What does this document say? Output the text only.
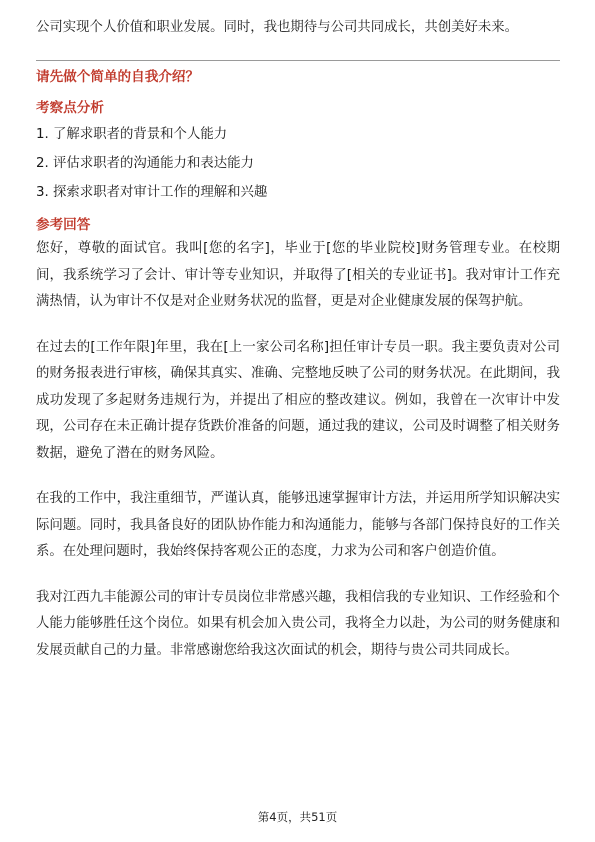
公司实现个人价值和职业发展。同时，我也期待与公司共同成长，共创美好未来。

请先做个简单的自我介绍？

考察点分析

1. 了解求职者的背景和个人能力
2. 评估求职者的沟通能力和表达能力
3. 探索求职者对审计工作的理解和兴趣

参考回答

您好，尊敬的面试官。我叫[您的名字]，毕业于[您的毕业院校]财务管理专业。在校期间，我系统学习了会计、审计等专业知识，并取得了[相关的专业证书]。我对审计工作充满热情，认为审计不仅是对企业财务状况的监督，更是对企业健康发展的保驾护航。

在过去的[工作年限]年里，我在[上一家公司名称]担任审计专员一职。我主要负责对公司的财务报表进行审核，确保其真实、准确、完整地反映了公司的财务状况。在此期间，我成功发现了多起财务违规行为，并提出了相应的整改建议。例如，我曾在一次审计中发现，公司存在未正确计提存货跌价准备的问题，通过我的建议，公司及时调整了相关财务数据，避免了潜在的财务风险。

在我的工作中，我注重细节，严谨认真，能够迅速掌握审计方法，并运用所学知识解决实际问题。同时，我具备良好的团队协作能力和沟通能力，能够与各部门保持良好的工作关系。在处理问题时，我始终保持客观公正的态度，力求为公司和客户创造价值。

我对江西九丰能源公司的审计专员岗位非常感兴趣，我相信我的专业知识、工作经验和个人能力能够胜任这个岗位。如果有机会加入贵公司，我将全力以赴，为公司的财务健康和发展贡献自己的力量。非常感谢您给我这次面试的机会，期待与贵公司共同成长。

第4页，共51页
